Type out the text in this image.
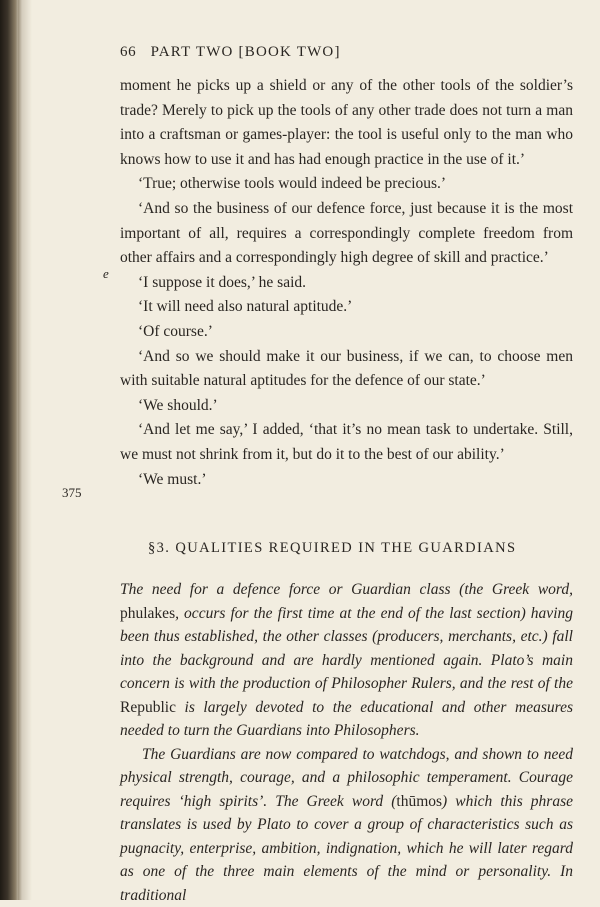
66 PART TWO [BOOK TWO]

moment he picks up a shield or any of the other tools of the soldier’s trade? Merely to pick up the tools of any other trade does not turn a man into a craftsman or games-player: the tool is useful only to the man who knows how to use it and has had enough practice in the use of it.’

‘True; otherwise tools would indeed be precious.’

‘And so the business of our defence force, just because it is the most important of all, requires a correspondingly complete freedom from other affairs and a correspondingly high degree of skill and practice.’

‘I suppose it does,’ he said.

‘It will need also natural aptitude.’

‘Of course.’

‘And so we should make it our business, if we can, to choose men with suitable natural aptitudes for the defence of our state.’

‘We should.’

‘And let me say,’ I added, ‘that it’s no mean task to undertake. Still, we must not shrink from it, but do it to the best of our ability.’

‘We must.’

e
375
§3. QUALITIES REQUIRED IN THE GUARDIANS

The need for a defence force or Guardian class (the Greek word, phulakes, occurs for the first time at the end of the last section) having been thus established, the other classes (producers, merchants, etc.) fall into the background and are hardly mentioned again. Plato’s main concern is with the production of Philosopher Rulers, and the rest of the Republic is largely devoted to the educational and other measures needed to turn the Guardians into Philosophers.

The Guardians are now compared to watchdogs, and shown to need physical strength, courage, and a philosophic temperament. Courage requires ‘high spirits’. The Greek word (thūmos) which this phrase translates is used by Plato to cover a group of characteristics such as pugnacity, enterprise, ambition, indignation, which he will later regard as one of the three main elements of the mind or personality. In traditional
